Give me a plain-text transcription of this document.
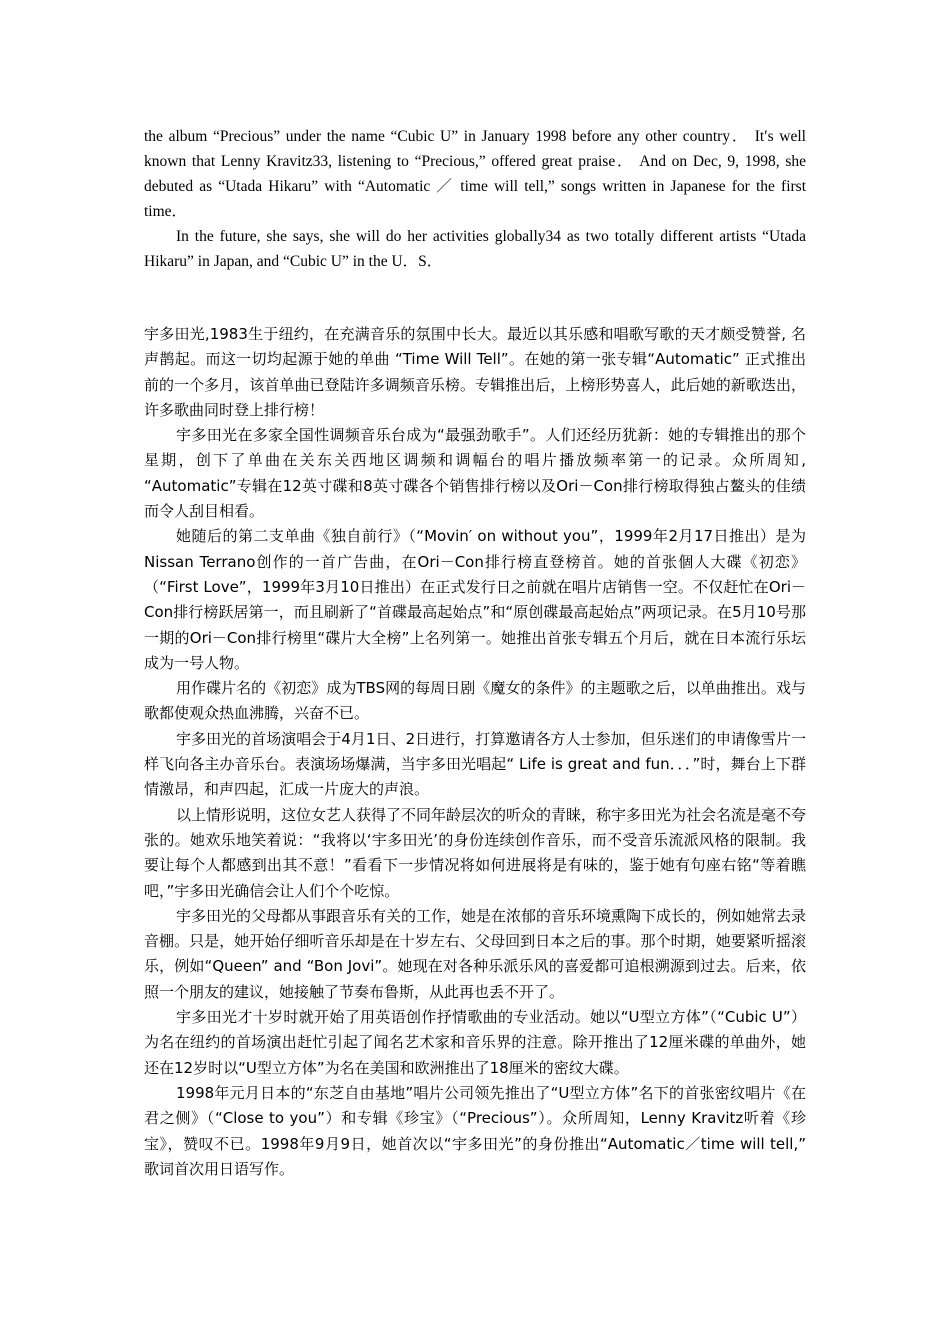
the album “Precious” under the name “Cubic U” in January 1998 before any other country． It′s well known that Lenny Kravitz33, listening to “Precious,” offered great praise． And on Dec, 9, 1998, she debuted as “Utada Hikaru” with “Automatic ／ time will tell,” songs written in Japanese for the first time．

In the future, she says, she will do her activities globally34 as two totally different artists “Utada Hikaru” in Japan, and “Cubic U” in the U．S．

宇多田光,1983生于纽约，在充满音乐的氛围中长大。最近以其乐感和唱歌写歌的天才颇受赞誉, 名声鹊起。而这一切均起源于她的单曲 “Time Will Tell”。在她的第一张专辑“Automatic” 正式推出前的一个多月，该首单曲已登陆许多调频音乐榜。专辑推出后，上榜形势喜人，此后她的新歌迭出，许多歌曲同时登上排行榜！

宇多田光在多家全国性调频音乐台成为“最强劲歌手”。人们还经历犹新：她的专辑推出的那个星期，创下了单曲在关东关西地区调频和调幅台的唱片播放频率第一的记录。众所周知, “Automatic”专辑在12英寸碟和8英寸碟各个销售排行榜以及Ori－Con排行榜取得独占鳌头的佳绩而令人刮目相看。

她随后的第二支单曲《独自前行》（“Movin′ on without you”，1999年2月17日推出）是为Nissan Terrano创作的一首广告曲，在Ori－Con排行榜直登榜首。她的首张個人大碟《初恋》（“First Love”，1999年3月10日推出）在正式发行日之前就在唱片店销售一空。不仅赶忙在Ori－Con排行榜跃居第一，而且刷新了“首碟最高起始点”和“原创碟最高起始点”两项记录。在5月10号那一期的Ori－Con排行榜里“碟片大全榜”上名列第一。她推出首张专辑五个月后，就在日本流行乐坛成为一号人物。

用作碟片名的《初恋》成为TBS网的每周日剧《魔女的条件》的主题歌之后，以单曲推出。戏与歌都使观众热血沸腾，兴奋不已。

宇多田光的首场演唱会于4月1日、2日进行，打算邀请各方人士参加，但乐迷们的申请像雪片一样飞向各主办音乐台。表演场场爆满，当宇多田光唱起“ Life is great and fun．．．”时，舞台上下群情激昂，和声四起，汇成一片庞大的声浪。

以上情形说明，这位女艺人获得了不同年龄层次的听众的青睐，称宇多田光为社会名流是毫不夸张的。她欢乐地笑着说：“我将以‘宇多田光’的身份连续创作音乐，而不受音乐流派风格的限制。我要让每个人都感到出其不意！”看看下一步情况将如何进展将是有味的，鉴于她有句座右铭“等着瞧吧，”宇多田光确信会让人们个个吃惊。

宇多田光的父母都从事跟音乐有关的工作，她是在浓郁的音乐环境熏陶下成长的，例如她常去录音棚。只是，她开始仔细听音乐却是在十岁左右、父母回到日本之后的事。那个时期，她要紧听摇滚乐，例如“Queen” and “Bon Jovi”。她现在对各种乐派乐风的喜爱都可追根溯源到过去。后来，依照一个朋友的建议，她接触了节奏布鲁斯，从此再也丢不开了。

宇多田光才十岁时就开始了用英语创作抒情歌曲的专业活动。她以“U型立方体”（“Cubic U”）为名在纽约的首场演出赶忙引起了闻名艺术家和音乐界的注意。除开推出了12厘米碟的单曲外，她还在12岁时以“U型立方体”为名在美国和欧洲推出了18厘米的密纹大碟。

1998年元月日本的“东芝自由基地”唱片公司领先推出了“U型立方体”名下的首张密纹唱片《在君之侧》（“Close to you”）和专辑《珍宝》（“Precious”）。众所周知，Lenny Kravitz听着《珍宝》，赞叹不已。1998年9月9日，她首次以“宇多田光”的身份推出“Automatic／time will tell,” 歌词首次用日语写作。
